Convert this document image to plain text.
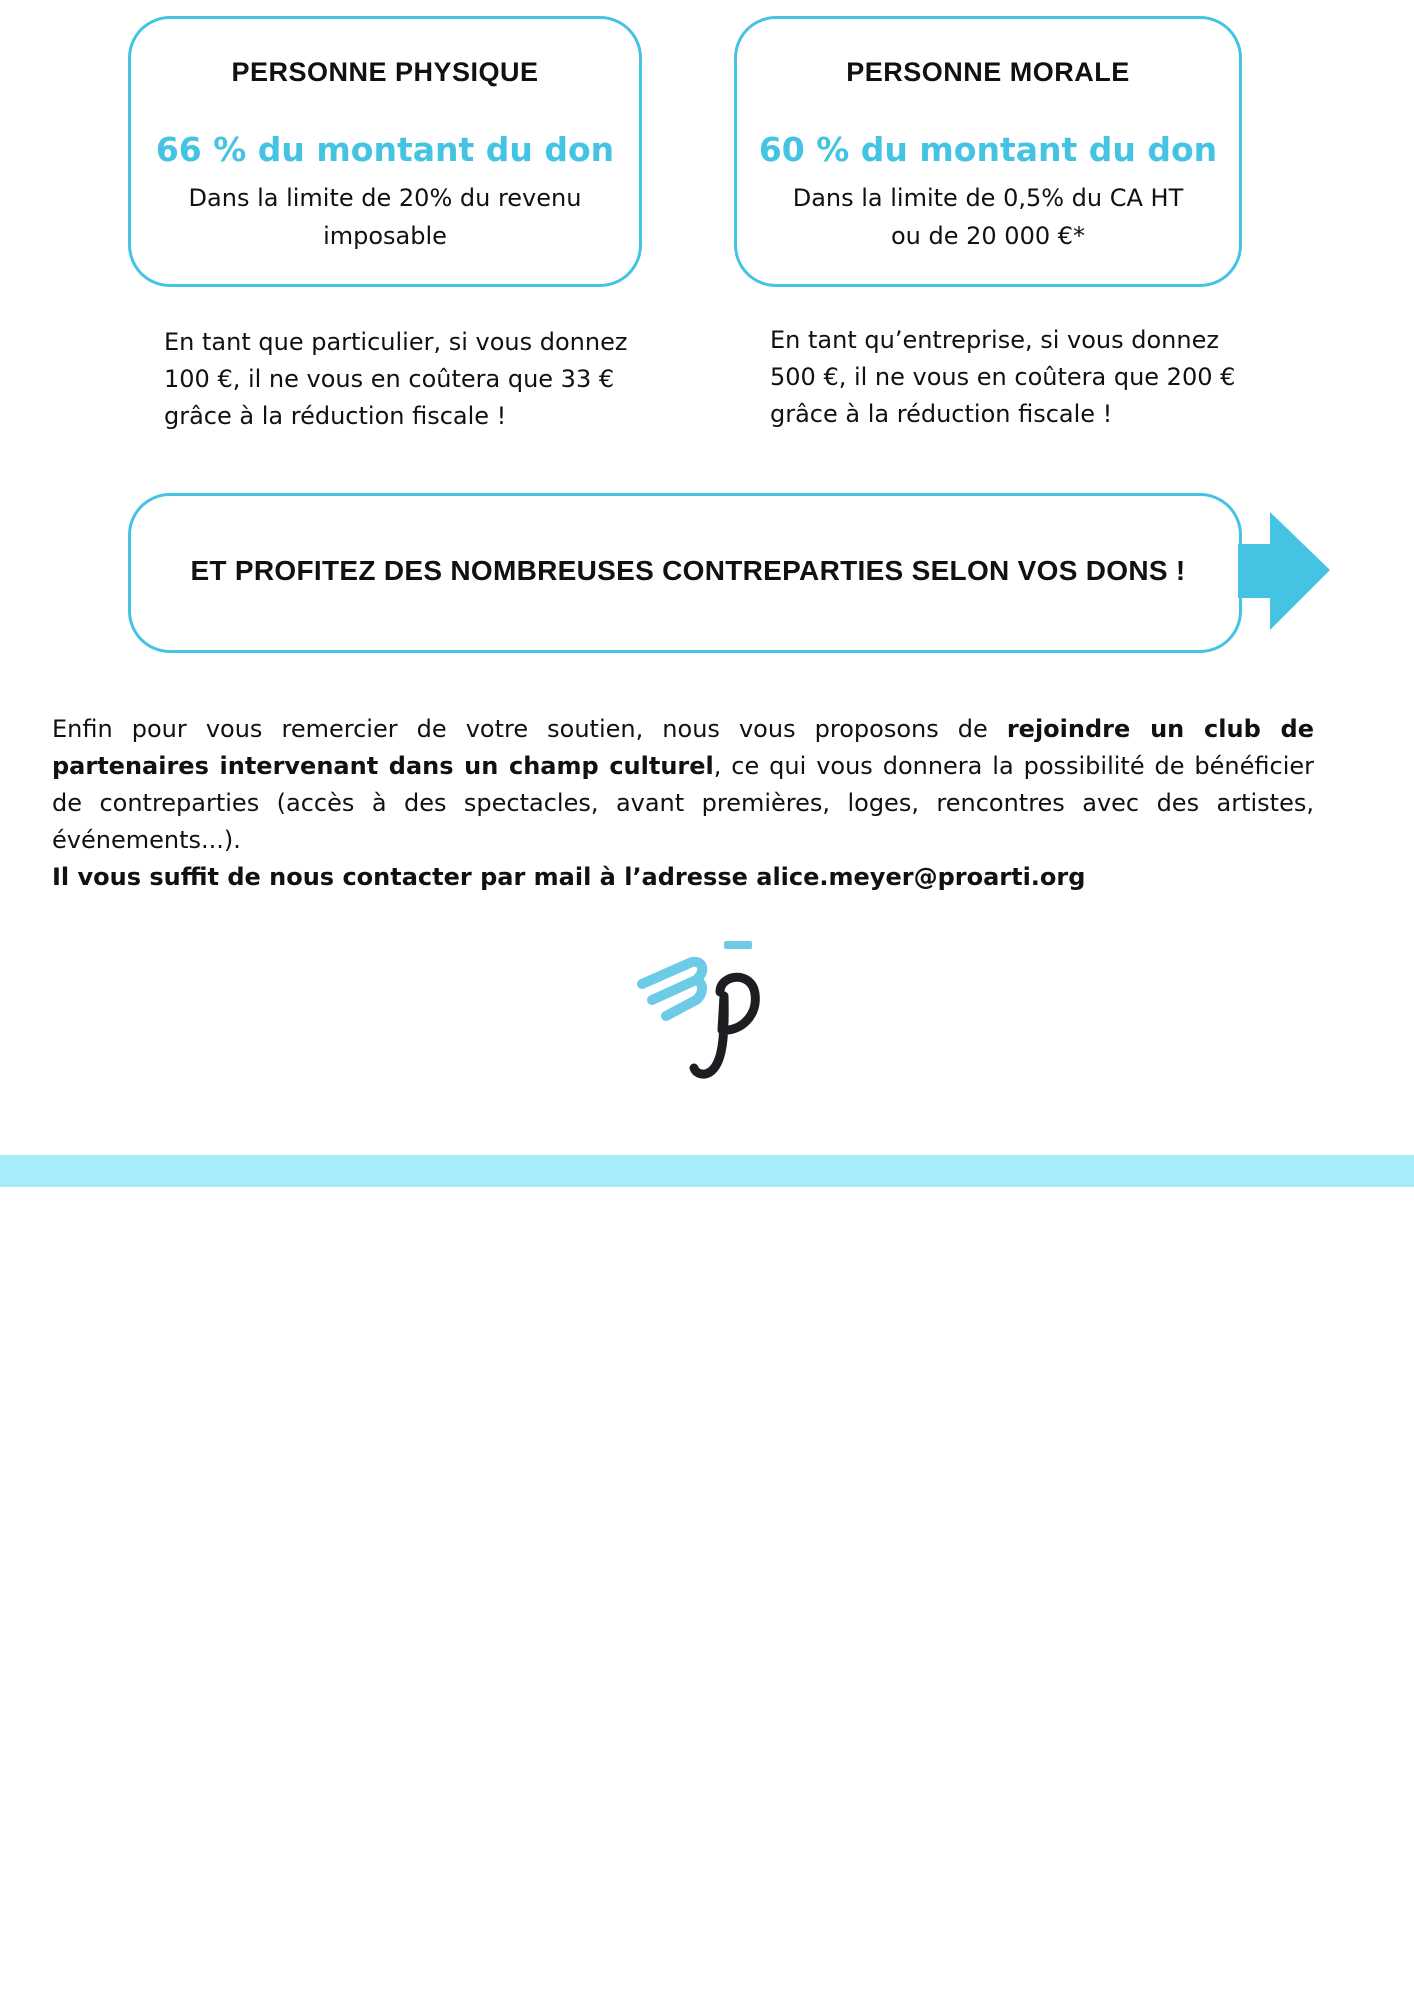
PERSONNE PHYSIQUE
66 % du montant du don
Dans la limite de 20% du revenu
imposable
PERSONNE MORALE
60 % du montant du don
Dans la limite de 0,5% du CA HT
ou de 20 000 €*
En tant que particulier, si vous donnez
100 €, il ne vous en coûtera que 33 €
grâce à la réduction fiscale !
En tant qu’entreprise, si vous donnez
500 €, il ne vous en coûtera que 200 €
grâce à la réduction fiscale !
ET PROFITEZ DES NOMBREUSES CONTREPARTIES SELON VOS DONS !

Enfin pour vous remercier de votre soutien, nous vous proposons de rejoindre un club de partenaires intervenant dans un champ culturel, ce qui vous donnera la possibilité de bénéficier de contreparties (accès à des spectacles, avant premières, loges, rencontres avec des artistes, événements...).

Il vous suffit de nous contacter par mail à l’adresse alice.meyer@proarti.org
